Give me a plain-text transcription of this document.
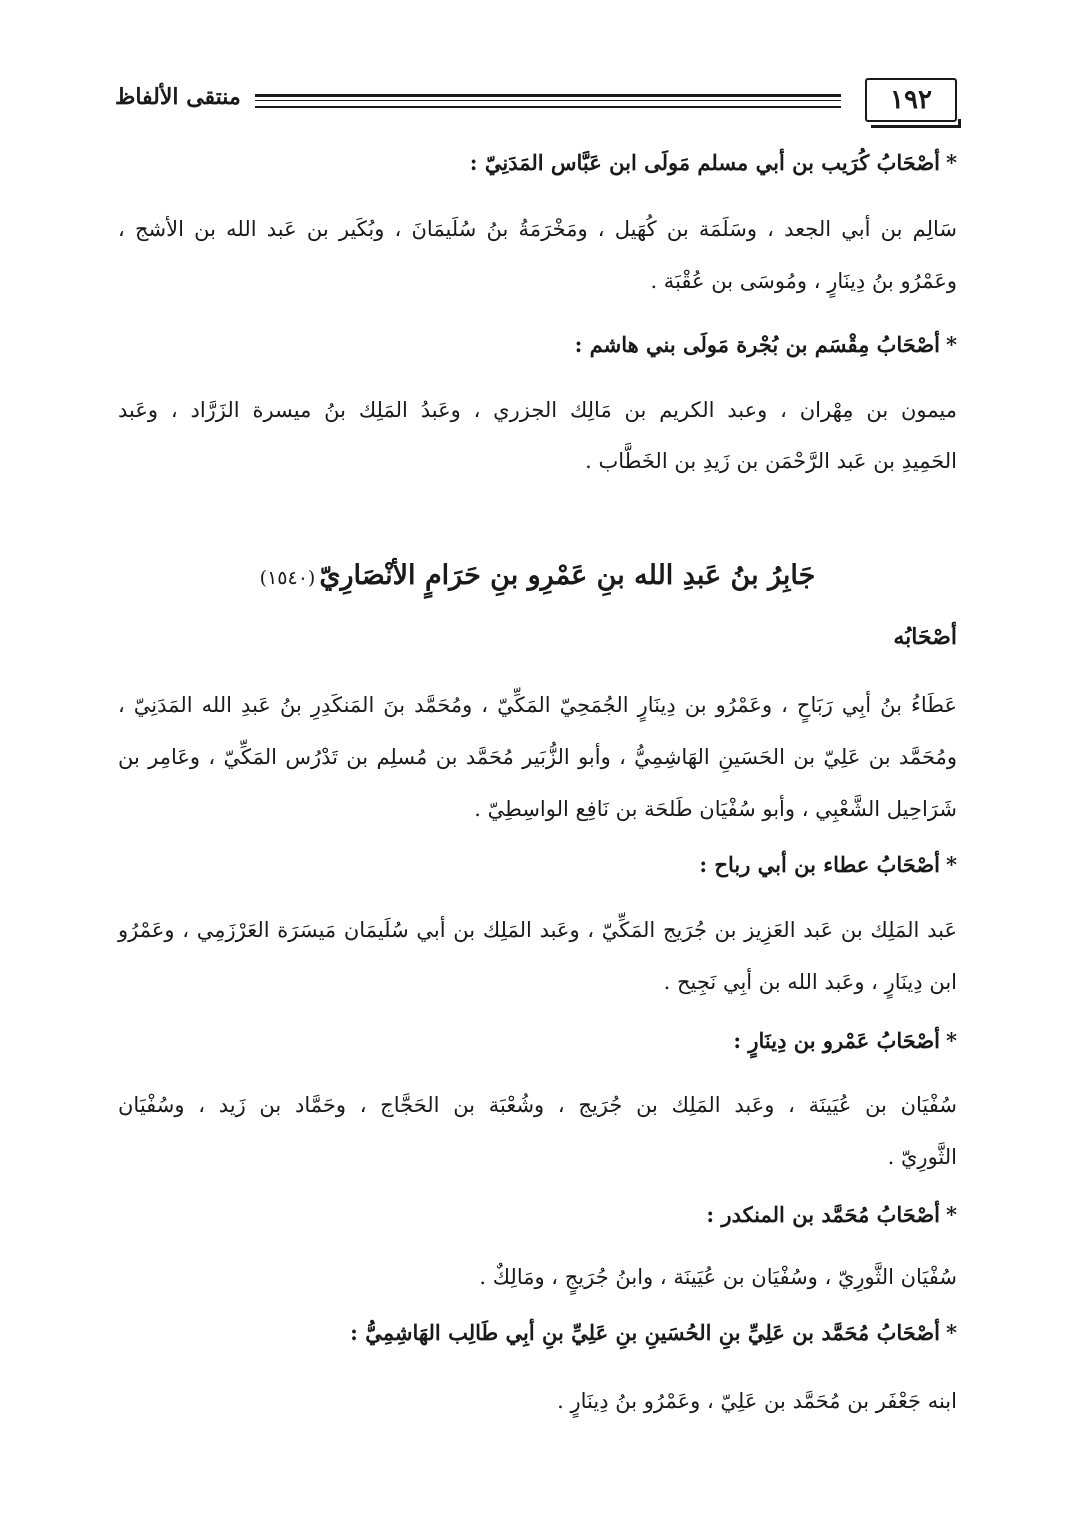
١٩٢
منتقى الألفاظ
*أصْحَابُ كُرَيب بن أبي مسلم مَولَى ابن عَبَّاس المَدَنِيّ :
سَالِم بن أبي الجعد ، وسَلَمَة بن كُهَيل ، ومَخْرَمَةُ بنُ سُلَيمَانَ ، وبُكَير بن عَبد الله بن الأشج ،
وعَمْرُو بنُ دِينَارٍ ، ومُوسَى بن عُقْبَة .
*أصْحَابُ مِقْسَم بن بُجْرة مَولَى بني هاشم :
ميمون بن مِهْران ، وعبد الكريم بن مَالِك الجزري ، وعَبدُ المَلِك بنُ ميسرة الزَرَّاد ، وعَبد
الحَمِيدِ بن عَبد الرَّحْمَن بن زَيدِ بن الخَطَّاب .
جَابِرُ بنُ عَبدِ الله بنِ عَمْرِو بنِ حَرَامٍ الأنْصَارِيّ(١٥٤٠)
أصْحَابُه
عَطَاءُ بنُ أبِي رَبَاحٍ ، وعَمْرُو بن دِينَارٍ الجُمَحِيّ المَكِّيّ ، ومُحَمَّد بنَ المَنكَدِرِ بنُ عَبدِ الله المَدَنِيّ ،
ومُحَمَّد بن عَلِيّ بن الحَسَينِ الهَاشِمِيُّ ، وأبو الزُّبَير مُحَمَّد بن مُسلِم بن تَدْرُس المَكِّيّ ، وعَامِر بن
شَرَاحِيل الشَّعْبِي ، وأبو سُفْيَان طَلحَة بن نَافِع الواسِطِيّ .
*أصْحَابُ عطاء بن أبي رباح :
عَبد المَلِك بن عَبد العَزِيز بن جُرَيج المَكِّيّ ، وعَبد المَلِك بن أبي سُلَيمَان مَيسَرَة العَرْزَمِي ، وعَمْرُو
ابن دِينَارٍ ، وعَبد الله بن أبِي نَجِيح .
*أصْحَابُ عَمْرو بن دِينَارٍ :
سُفْيَان بن عُيَينَة ، وعَبد المَلِك بن جُرَيج ، وشُعْبَة بن الحَجَّاج ، وحَمَّاد بن زَيد ، وسُفْيَان
الثَّورِيّ .
*أصْحَابُ مُحَمَّد بن المنكدر :
سُفْيَان الثَّورِيّ ، وسُفْيَان بن عُيَينَة ، وابنُ جُرَيجٍ ، ومَالِكٌ .
*أصْحَابُ مُحَمَّد بن عَلِيِّ بنِ الحُسَينِ بنِ عَلِيِّ بنِ أبِي طَالِب الهَاشِمِيُّ :
ابنه جَعْفَر بن مُحَمَّد بن عَلِيّ ، وعَمْرُو بنُ دِينَارٍ .
